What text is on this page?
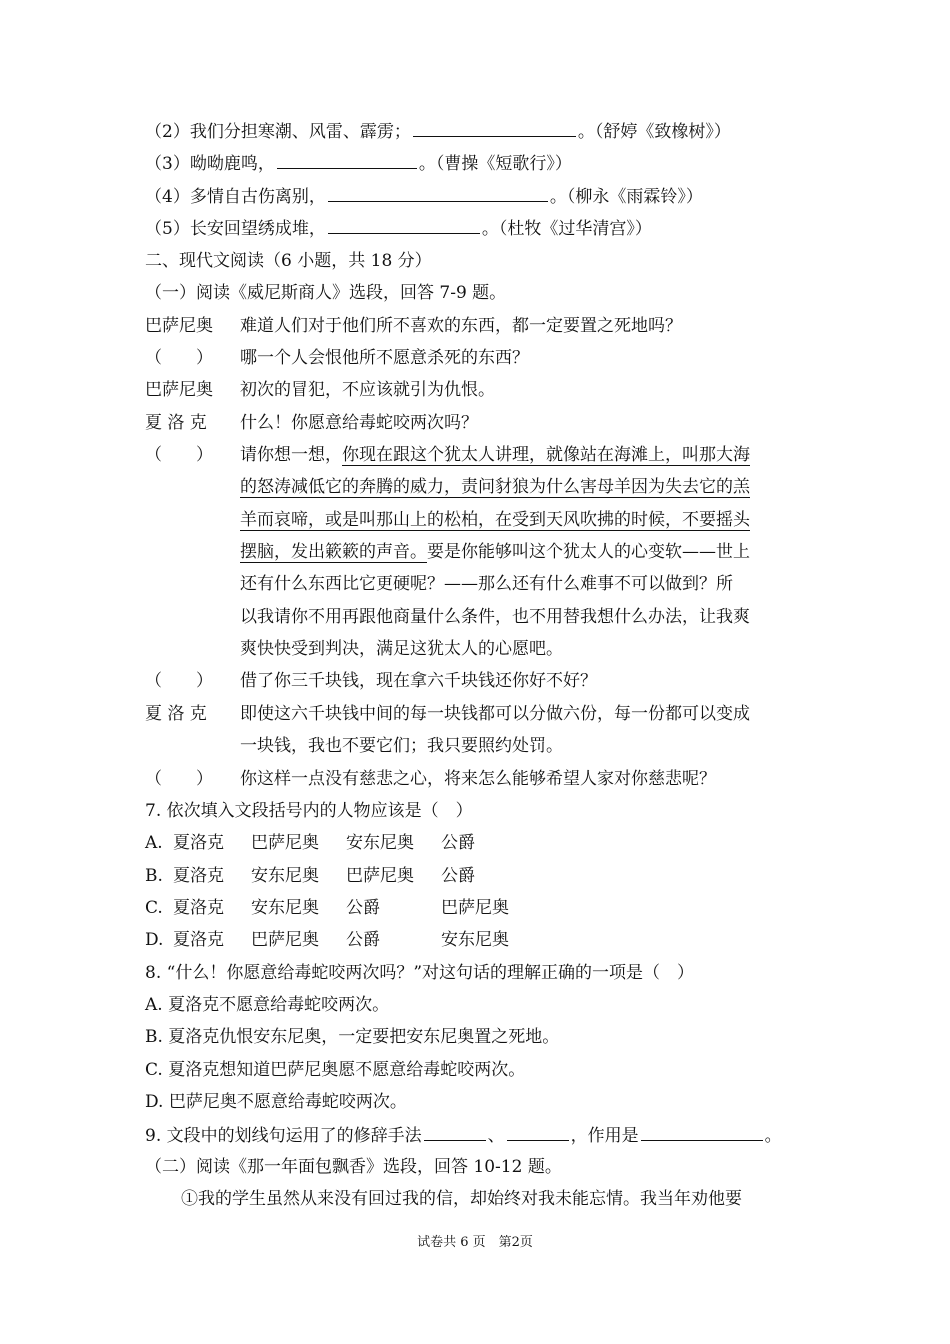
（2）我们分担寒潮、风雷、霹雳；	。（舒婷《致橡树》）
（3）呦呦鹿鸣，	。（曹操《短歌行》）
（4）多情自古伤离别，	。（柳永《雨霖铃》）
（5）长安回望绣成堆，	。（杜牧《过华清宫》）
二、现代文阅读（6 小题，共 18 分）
（一）阅读《威尼斯商人》选段，回答 7-9 题。
巴萨尼奥	难道人们对于他们所不喜欢的东西，都一定要置之死地吗？
（　　）	哪一个人会恨他所不愿意杀死的东西？
巴萨尼奥	初次的冒犯，不应该就引为仇恨。
夏 洛 克	什么！你愿意给毒蛇咬两次吗？
（　　）	请你想一想，你现在跟这个犹太人讲理，就像站在海滩上，叫那大海
的怒涛减低它的奔腾的威力，责问豺狼为什么害母羊因为失去它的羔
羊而哀啼，或是叫那山上的松柏，在受到天风吹拂的时候，不要摇头
摆脑，发出簌簌的声音。要是你能够叫这个犹太人的心变软——世上
还有什么东西比它更硬呢？——那么还有什么难事不可以做到？所
以我请你不用再跟他商量什么条件，也不用替我想什么办法，让我爽
爽快快受到判决，满足这犹太人的心愿吧。
（　　）	借了你三千块钱，现在拿六千块钱还你好不好？
夏 洛 克	即使这六千块钱中间的每一块钱都可以分做六份，每一份都可以变成
一块钱，我也不要它们；我只要照约处罚。
（　　）	你这样一点没有慈悲之心，将来怎么能够希望人家对你慈悲呢？
7. 依次填入文段括号内的人物应该是（　）
A. 夏洛克 巴萨尼奥 安东尼奥 公爵
B. 夏洛克 安东尼奥 巴萨尼奥 公爵
C. 夏洛克 安东尼奥 公爵	巴萨尼奥
D. 夏洛克 巴萨尼奥 公爵	安东尼奥
8. “什么！你愿意给毒蛇咬两次吗？”对这句话的理解正确的一项是（　）
A. 夏洛克不愿意给毒蛇咬两次。
B. 夏洛克仇恨安东尼奥，一定要把安东尼奥置之死地。
C. 夏洛克想知道巴萨尼奥愿不愿意给毒蛇咬两次。
D. 巴萨尼奥不愿意给毒蛇咬两次。
9. 文段中的划线句运用了的修辞手法	、	，作用是	。
（二）阅读《那一年面包飘香》选段，回答 10-12 题。
①我的学生虽然从来没有回过我的信，却始终对我未能忘情。我当年劝他要
试卷共 6 页　第2页
